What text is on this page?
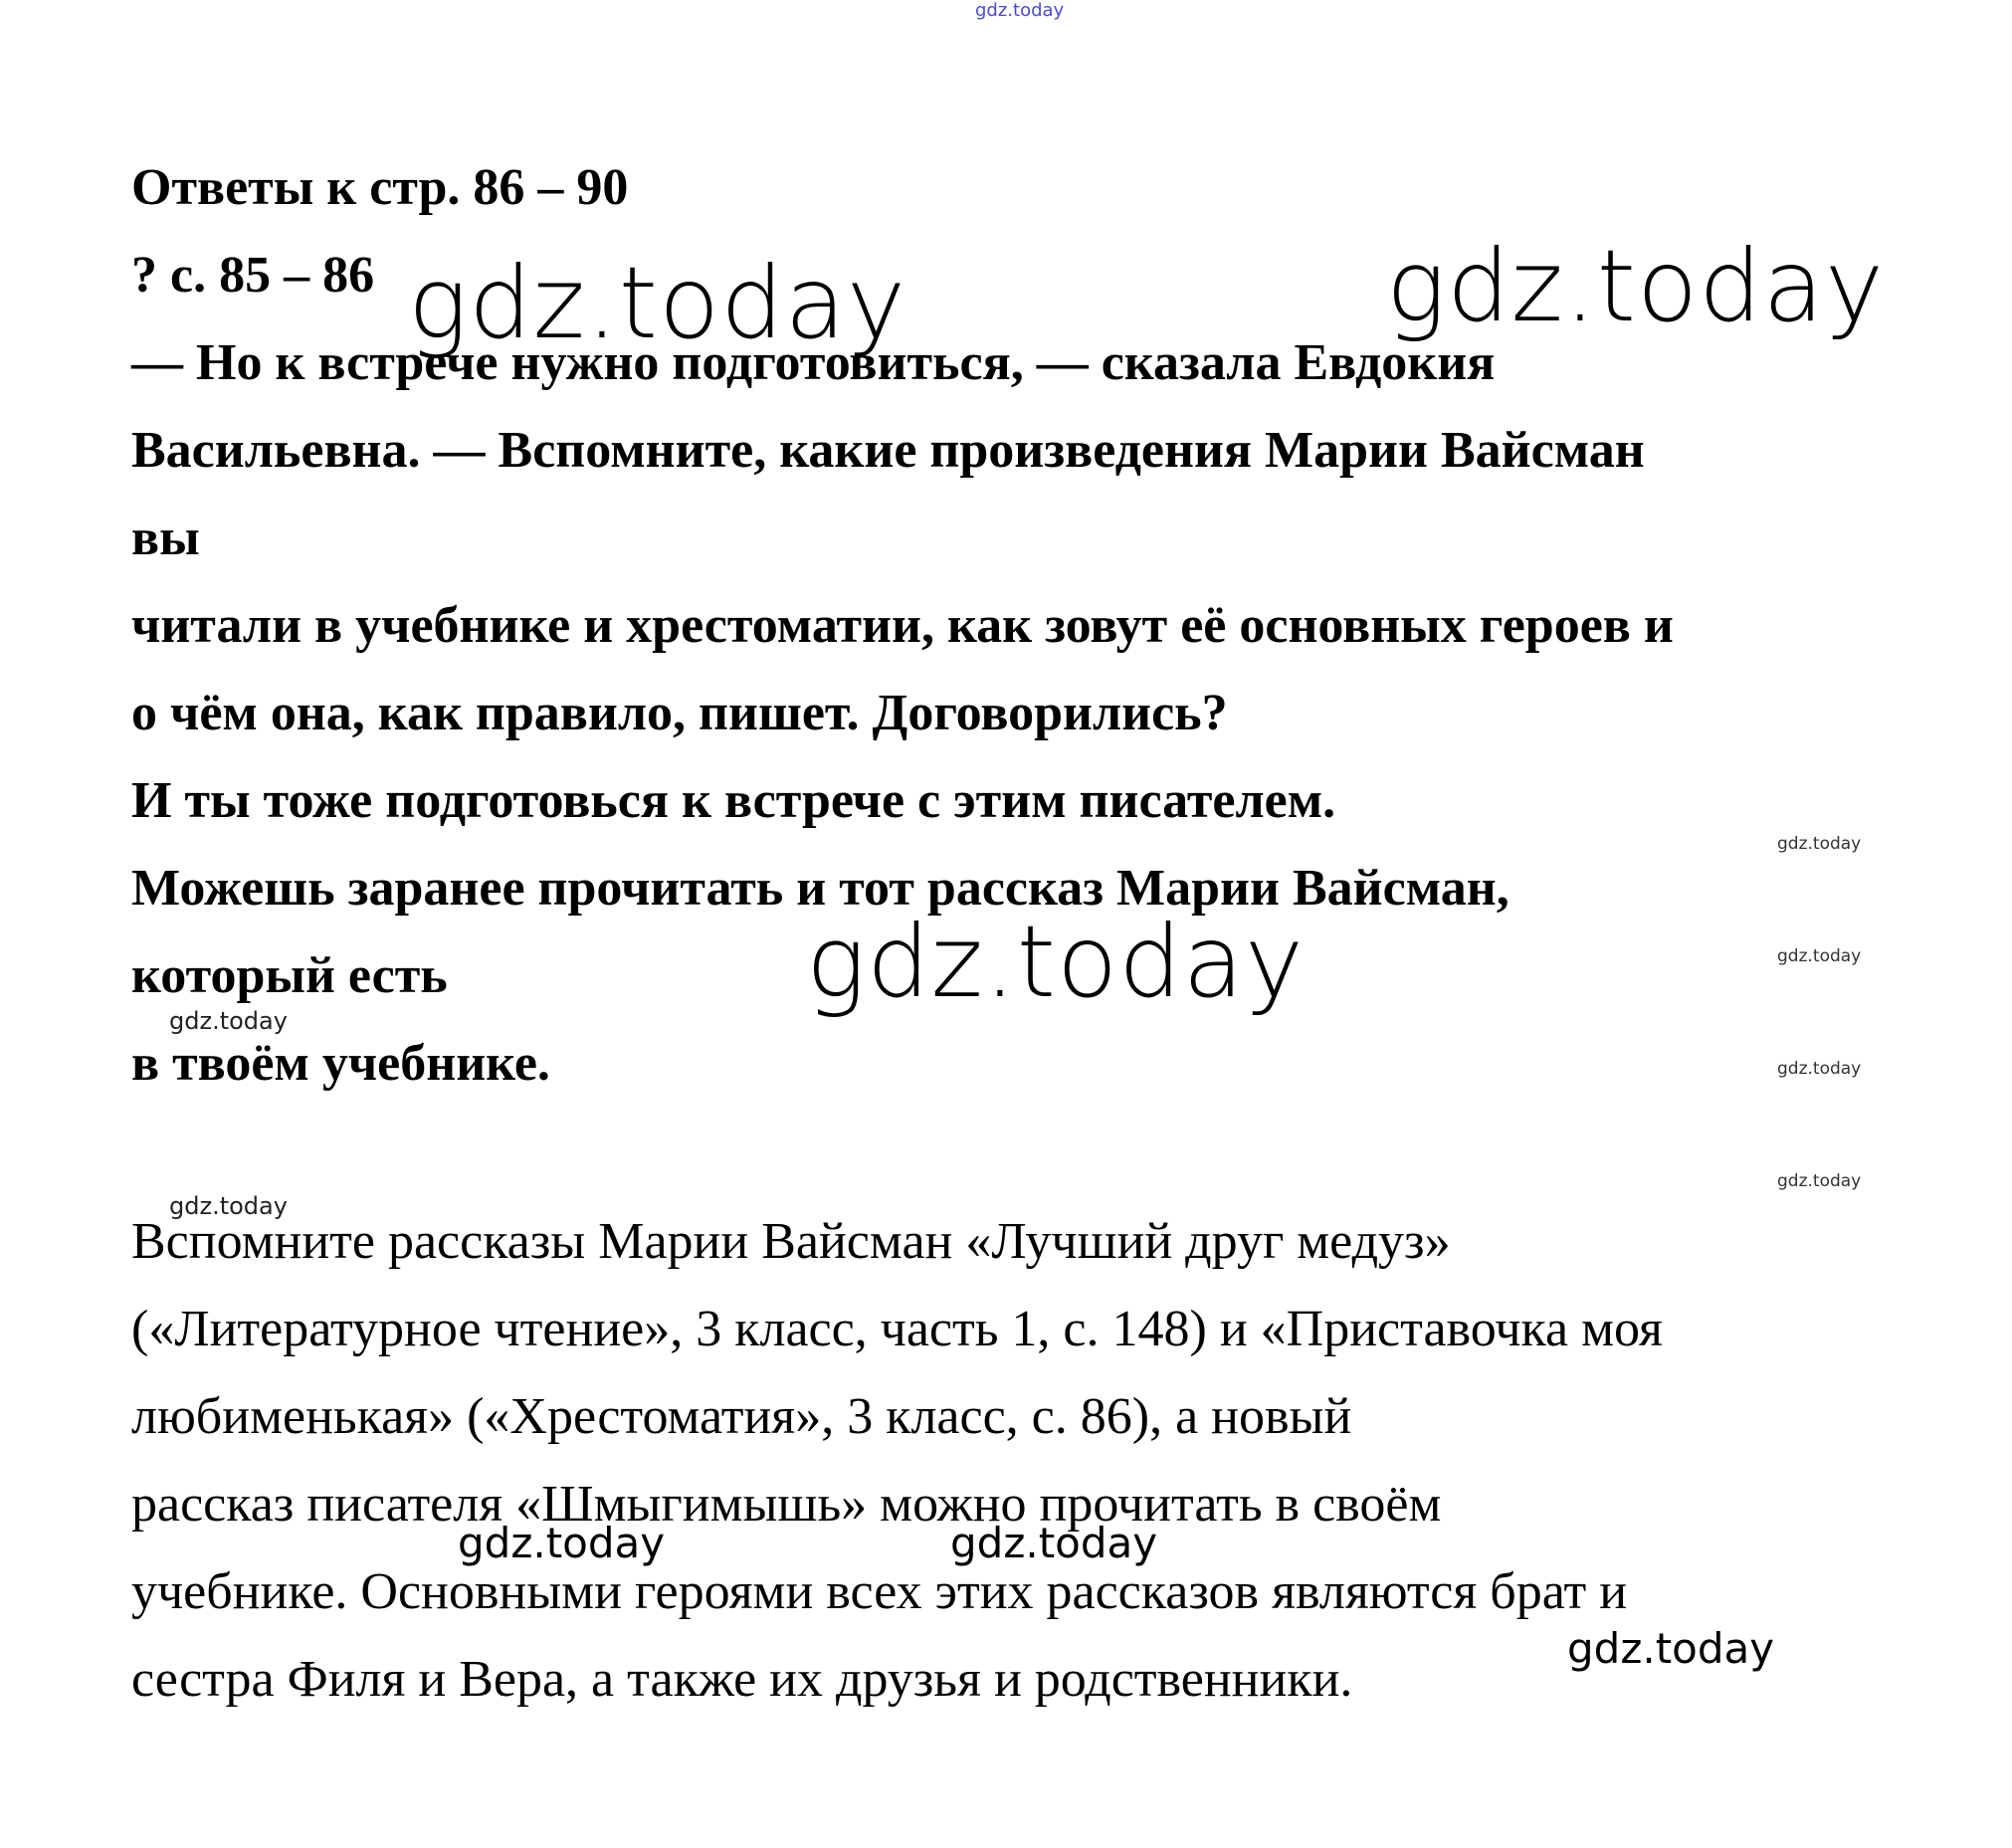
gdz.today
Ответы к стр. 86 – 90
? с. 85 – 86
— Но к встрече нужно подготовиться, — сказала Евдокия
Васильевна. — Вспомните, какие произведения Марии Вайсман
вы
читали в учебнике и хрестоматии, как зовут её основных героев и
о чём она, как правило, пишет. Договорились?
И ты тоже подготовься к встрече с этим писателем.
Можешь заранее прочитать и тот рассказ Марии Вайсман,
который есть
в твоём учебнике.
Вспомните рассказы Марии Вайсман «Лучший друг медуз»
(«Литературное чтение», 3 класс, часть 1, с. 148) и «Приставочка моя
любименькая» («Хрестоматия», 3 класс, с. 86), а новый
рассказ писателя «Шмыгимышь» можно прочитать в своём
учебнике. Основными героями всех этих рассказов являются брат и
сестра Филя и Вера, а также их друзья и родственники.
gdz.today	gdz.today
gdz.today
gdz.today	gdz.today
gdz.today
gdz.today
gdz.today
gdz.today
gdz.today
gdz.today
gdz.today
